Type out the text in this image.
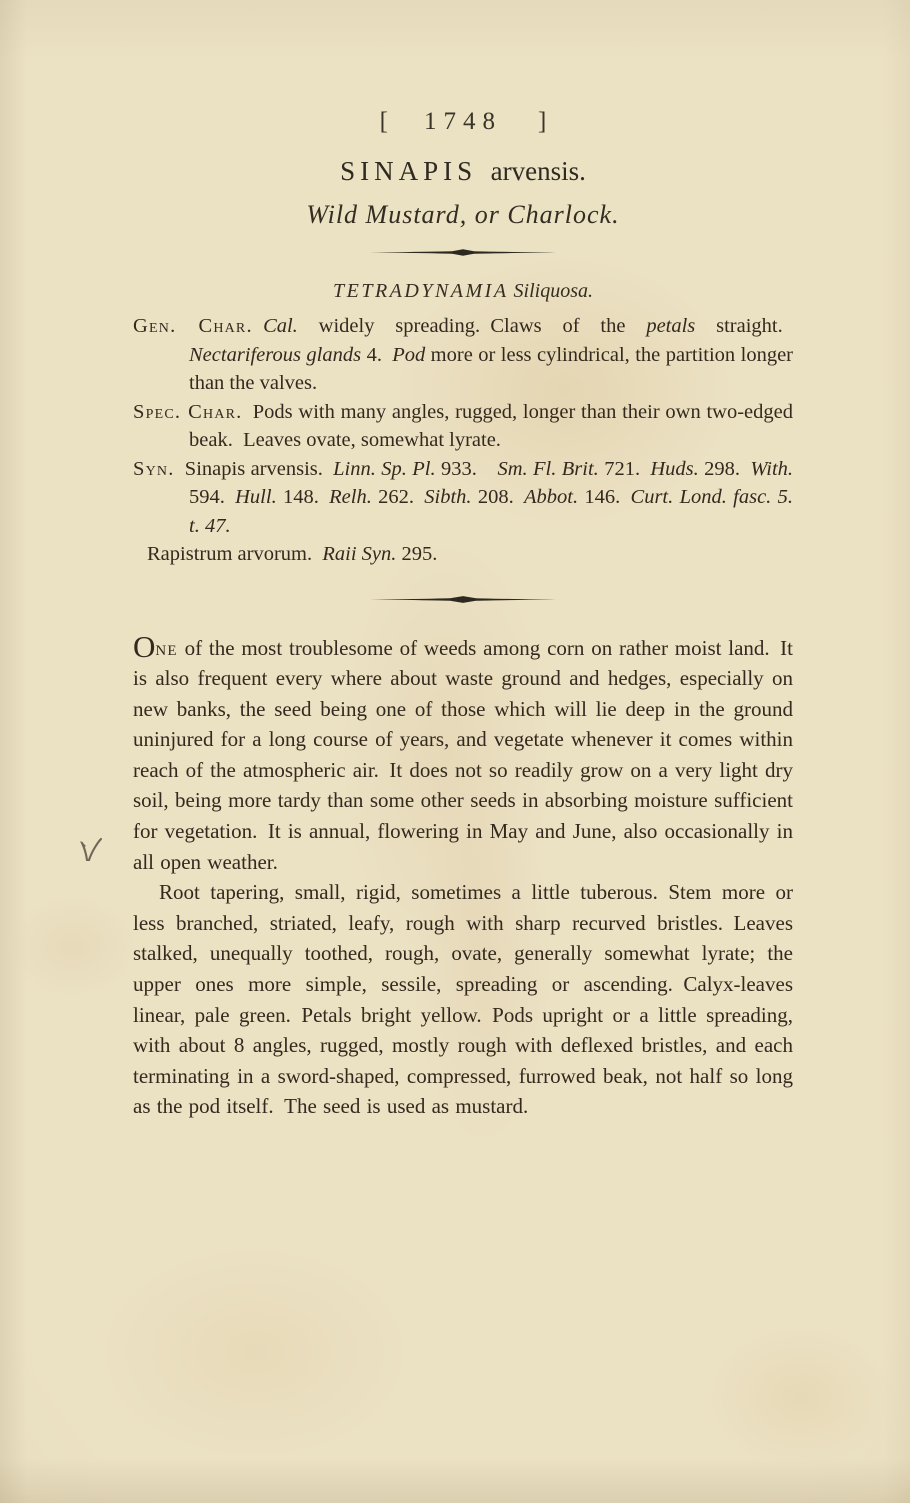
[ 1748 ]
SINAPIS arvensis.
Wild Mustard, or Charlock.
TETRADYNAMIA Siliquosa.

Gen. Char.  Cal. widely spreading. Claws of the petals straight. Nectariferous glands 4. Pod more or less cylindrical, the partition longer than the valves.

Spec. Char. Pods with many angles, rugged, longer than their own two-edged beak. Leaves ovate, somewhat lyrate.

Syn. Sinapis arvensis. Linn. Sp. Pl. 933.  Sm. Fl. Brit. 721. Huds. 298. With. 594. Hull. 148. Relh. 262. Sibth. 208. Abbot. 146. Curt. Lond. fasc. 5. t. 47.

Rapistrum arvorum. Raii Syn. 295.

One of the most troublesome of weeds among corn on rather moist land. It is also frequent every where about waste ground and hedges, especially on new banks, the seed being one of those which will lie deep in the ground uninjured for a long course of years, and vegetate whenever it comes within reach of the atmospheric air. It does not so readily grow on a very light dry soil, being more tardy than some other seeds in absorbing moisture sufficient for vegetation. It is annual, flowering in May and June, also occasionally in all open weather.

Root tapering, small, rigid, sometimes a little tuberous. Stem more or less branched, striated, leafy, rough with sharp recurved bristles. Leaves stalked, unequally toothed, rough, ovate, generally somewhat lyrate; the upper ones more simple, sessile, spreading or ascending. Calyx-leaves linear, pale green. Petals bright yellow. Pods upright or a little spreading, with about 8 angles, rugged, mostly rough with deflexed bristles, and each terminating in a sword-shaped, compressed, furrowed beak, not half so long as the pod itself. The seed is used as mustard.
